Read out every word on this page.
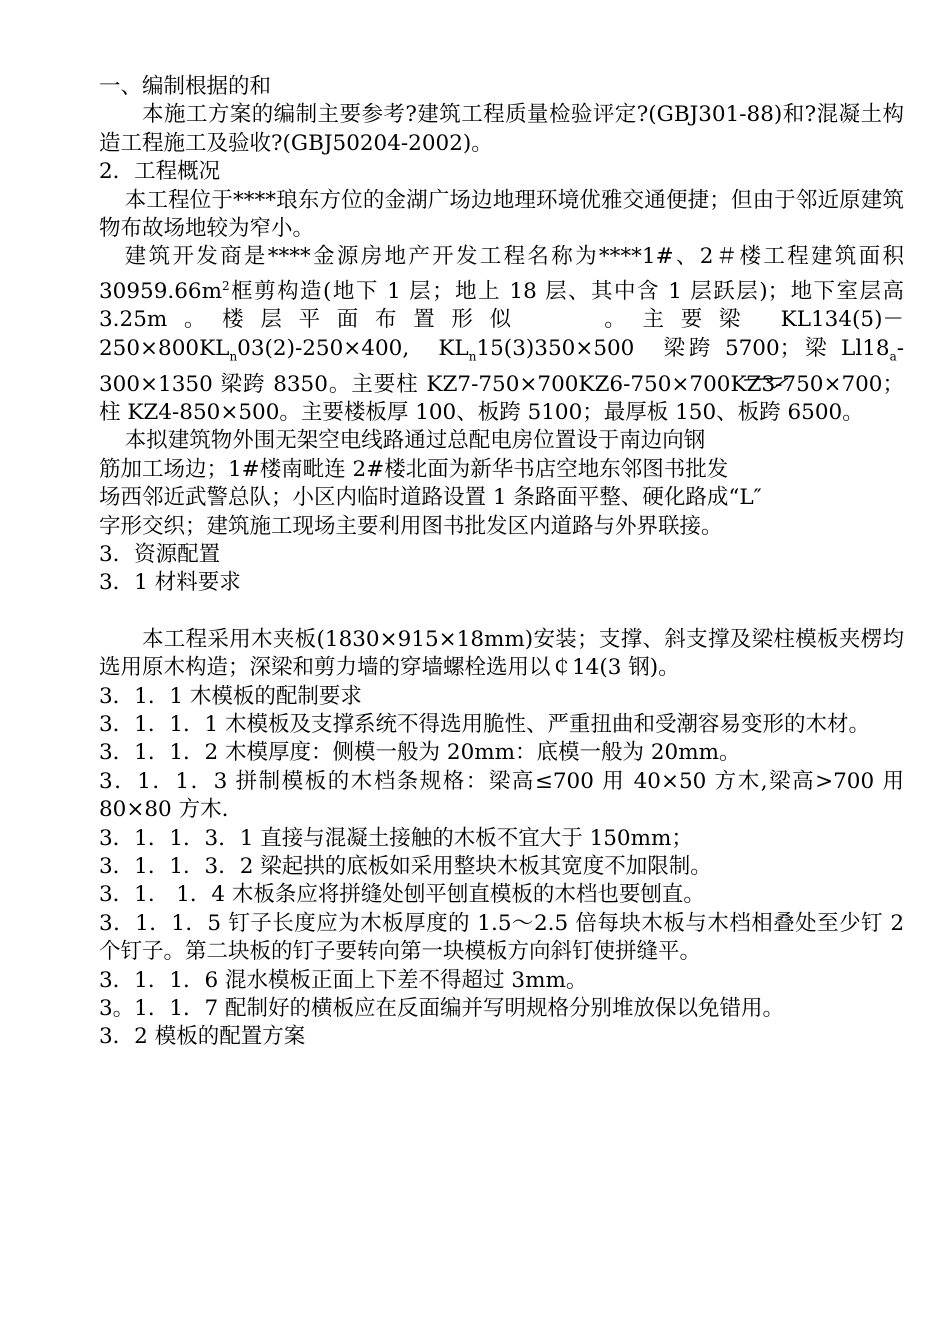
一、编制根据的和

本施工方案的编制主要参考?建筑工程质量检验评定?(GBJ301-88)和?混凝土构造工程施工及验收?(GBJ50204-2002)。

2．工程概况

本工程位于****琅东方位的金湖广场边地理环境优雅交通便捷；但由于邻近原建筑物布故场地较为窄小。

建筑开发商是****金源房地产开发工程名称为****1#、2＃楼工程建筑面积 $30959.66m^2$框剪构造(地下 1 层；地上 18 层、其中含 1 层跃层)；地下室层高 3.25m。楼层平面布置形似　　。主要梁 $KL134(5)-250\times 800KL_n03(2)-250\times 400$,　$KL_n15(3)350\times 500$　梁跨 5700；梁 $Ll18_a-300\times 1350$ 梁跨 8350。主要柱 KZ7-750×700KZ6-750×700KZ3-750×700；柱 KZ4-850×500。主要楼板厚 100、板跨 5100；最厚板 150、板跨 6500。

本拟建筑物外围无架空电线路通过总配电房位置设于南边向钢

筋加工场边；1#楼南毗连 2#楼北面为新华书店空地东邻图书批发

场西邻近武警总队；小区内临时道路设置 1 条路面平整、硬化路成“L″

字形交织；建筑施工现场主要利用图书批发区内道路与外界联接。

3．资源配置

3．1 材料要求

本工程采用木夹板(1830×915×18mm)安装；支撑、斜支撑及梁柱模板夹楞均选用原木构造；深梁和剪力墙的穿墙螺栓选用以￠14(3 钢)。

3．1．1 木模板的配制要求

3．1．1．1 木模板及支撑系统不得选用脆性、严重扭曲和受潮容易变形的木材。

3．1．1．2 木模厚度：侧模一般为 20mm：底模一般为 20mm。

3．1．1．3 拼制模板的木档条规格：梁高≤700 用 40×50 方木,梁高>700 用 80×80 方木.

3．1．1．3．1 直接与混凝土接触的木板不宜大于 150mm；

3．1．1．3．2 梁起拱的底板如采用整块木板其宽度不加限制。

3．1.　1．4 木板条应将拼缝处刨平刨直模板的木档也要刨直。

3．1．1．5 钉子长度应为木板厚度的 1.5～2.5 倍每块木板与木档相叠处至少钉 2 个钉子。第二块板的钉子要转向第一块模板方向斜钉使拼缝平。

3．1．1．6 混水模板正面上下差不得超过 3mm。

3。1．1．7 配制好的横板应在反面编并写明规格分别堆放保以免错用。

3．2 模板的配置方案
